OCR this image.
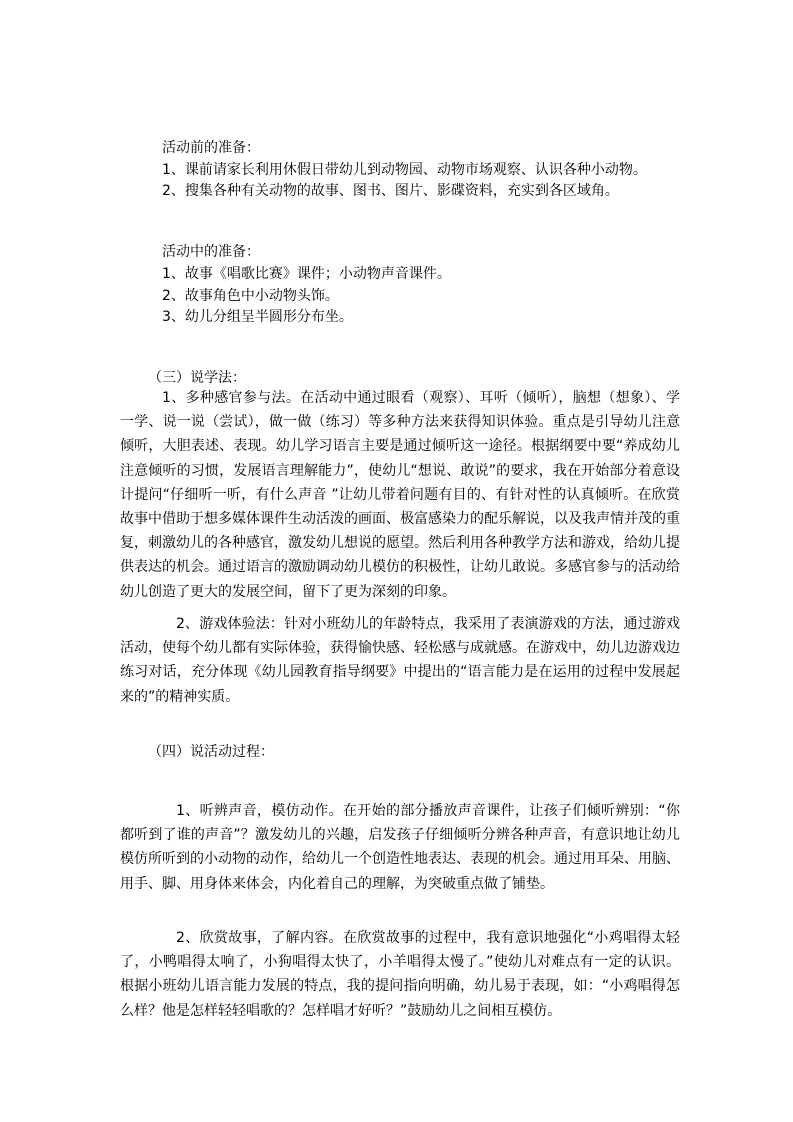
活动前的准备：
1、课前请家长利用休假日带幼儿到动物园、动物市场观察、认识各种小动物。
2、搜集各种有关动物的故事、图书、图片、影碟资料，充实到各区域角。
活动中的准备：
1、故事《唱歌比赛》课件；小动物声音课件。
2、故事角色中小动物头饰。
3、幼儿分组呈半圆形分布坐。
（三）说学法：

1、多种感官参与法。在活动中通过眼看（观察）、耳听（倾听），脑想（想象）、学一学、说一说（尝试），做一做（练习）等多种方法来获得知识体验。重点是引导幼儿注意倾听，大胆表述、表现。幼儿学习语言主要是通过倾听这一途径。根据纲要中要“养成幼儿注意倾听的习惯，发展语言理解能力”，使幼儿“想说、敢说”的要求，我在开始部分着意设计提问“仔细听一听，有什么声音 ”让幼儿带着问题有目的、有针对性的认真倾听。在欣赏故事中借助于想多媒体课件生动活泼的画面、极富感染力的配乐解说，以及我声情并茂的重复，刺激幼儿的各种感官，激发幼儿想说的愿望。然后利用各种教学方法和游戏，给幼儿提供表达的机会。通过语言的激励调动幼儿模仿的积极性，让幼儿敢说。多感官参与的活动给幼儿创造了更大的发展空间，留下了更为深刻的印象。

2、游戏体验法：针对小班幼儿的年龄特点，我采用了表演游戏的方法，通过游戏活动，使每个幼儿都有实际体验，获得愉快感、轻松感与成就感。在游戏中，幼儿边游戏边练习对话，充分体现《幼儿园教育指导纲要》中提出的“语言能力是在运用的过程中发展起来的”的精神实质。

（四）说活动过程：

1、听辨声音，模仿动作。在开始的部分播放声音课件，让孩子们倾听辨别：“你都听到了谁的声音”？激发幼儿的兴趣，启发孩子仔细倾听分辨各种声音，有意识地让幼儿模仿所听到的小动物的动作，给幼儿一个创造性地表达、表现的机会。通过用耳朵、用脑、用手、脚、用身体来体会，内化着自己的理解，为突破重点做了铺垫。

2、欣赏故事，了解内容。在欣赏故事的过程中，我有意识地强化“小鸡唱得太轻了，小鸭唱得太响了，小狗唱得太快了，小羊唱得太慢了。”使幼儿对难点有一定的认识。根据小班幼儿语言能力发展的特点，我的提问指向明确，幼儿易于表现，如：“小鸡唱得怎么样？他是怎样轻轻唱歌的？怎样唱才好听？”鼓励幼儿之间相互模仿。
